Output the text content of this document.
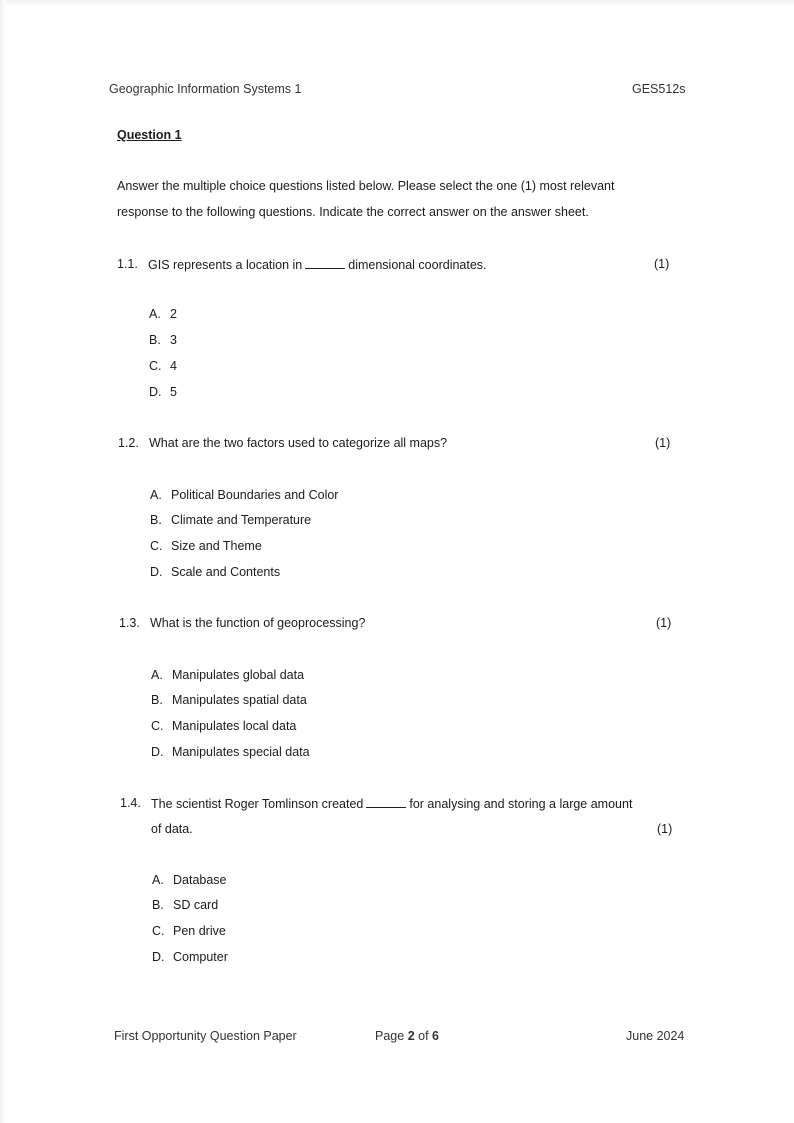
Geographic Information Systems 1	GES512s
Question 1
Answer the multiple choice questions listed below. Please select the one (1) most relevant
response to the following questions. Indicate the correct answer on the answer sheet.
1.1. GIS represents a location in	dimensional coordinates.	(1)
A. 2
B. 3
C. 4
D. 5
1.2. What are the two factors used to categorize all maps?	(1)
A. Political Boundaries and Color
B. Climate and Temperature
C. Size and Theme
D. Scale and Contents
1.3. What is the function of geoprocessing?	(1)
A. Manipulates global data
B. Manipulates spatial data
C. Manipulates local data
D. Manipulates special data
1.4. The scientist Roger Tomlinson created	for analysing and storing a large amount
of data.	(1)
A. Database
B. SD card
C. Pen drive
D. Computer
First Opportunity Question Paper	Page 2 of 6	June 2024
